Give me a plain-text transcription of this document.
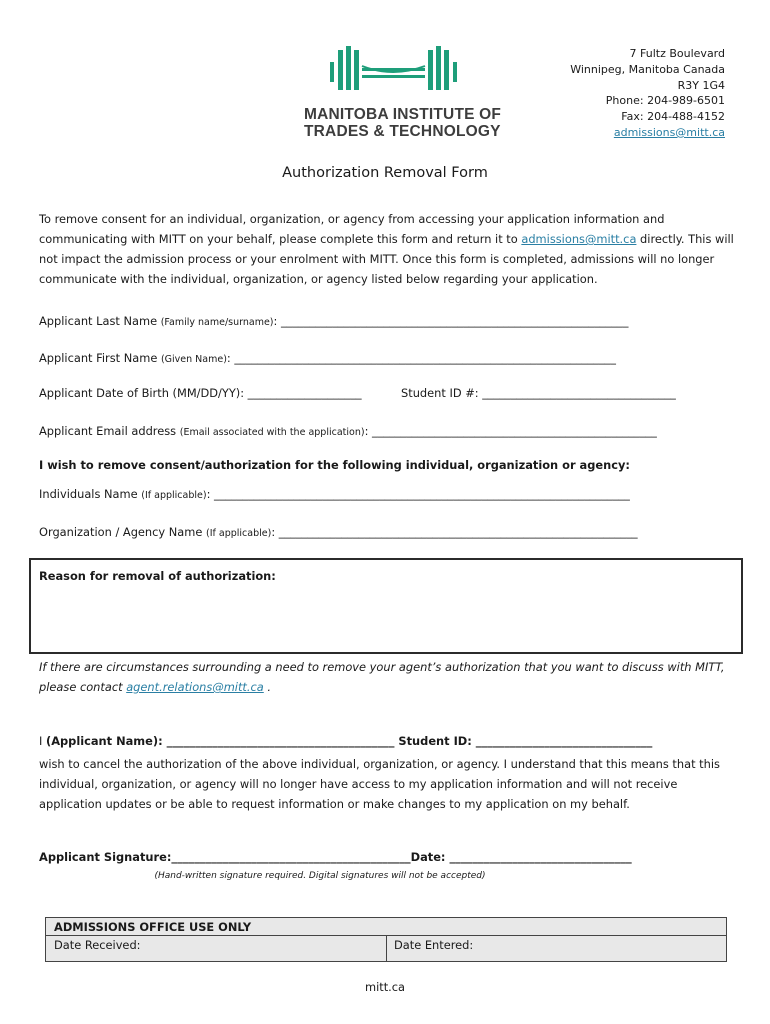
MANITOBA INSTITUTE OF
TRADES & TECHNOLOGY
7 Fultz Boulevard
Winnipeg, Manitoba Canada
R3Y 1G4
Phone: 204-989-6501
Fax: 204-488-4152
admissions@mitt.ca
Authorization Removal Form
To remove consent for an individual, organization, or agency from accessing your application information and communicating with MITT on your behalf, please complete this form and return it to admissions@mitt.ca directly. This will not impact the admission process or your enrolment with MITT. Once this form is completed, admissions will no longer communicate with the individual, organization, or agency listed below regarding your application.
Applicant Last Name (Family name/surname): _____________________________________________________________
Applicant First Name (Given Name): ___________________________________________________________________
Applicant Date of Birth (MM/DD/YY): ____________________	Student ID #: __________________________________
Applicant Email address (Email associated with the application): __________________________________________________
I wish to remove consent/authorization for the following individual, organization or agency:
Individuals Name (If applicable): _________________________________________________________________________
Organization / Agency Name (If applicable): _______________________________________________________________
Reason for removal of authorization:
If there are circumstances surrounding a need to remove your agent’s authorization that you want to discuss with MITT, please contact agent.relations@mitt.ca .
I (Applicant Name): ________________________________________ Student ID: _______________________________
wish to cancel the authorization of the above individual, organization, or agency. I understand that this means that this individual, organization, or agency will no longer have access to my application information and will not receive application updates or be able to request information or make changes to my application on my behalf.
Applicant Signature:__________________________________________Date: ________________________________
(Hand-written signature required. Digital signatures will not be accepted)
ADMISSIONS OFFICE USE ONLY
Date Received:	Date Entered:
mitt.ca
